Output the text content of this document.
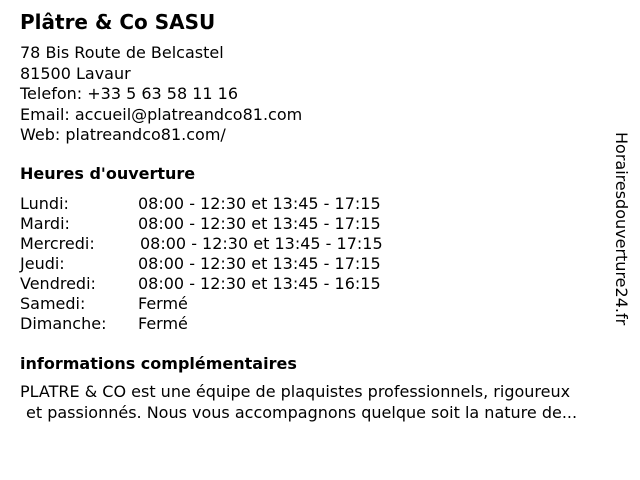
Plâtre & Co SASU
78 Bis Route de Belcastel
81500 Lavaur
Telefon: +33 5 63 58 11 16
Email: accueil@platreandco81.com
Web: platreandco81.com/
Heures d'ouverture
Lundi:	08:00 - 12:30 et 13:45 - 17:15
Mardi:	08:00 - 12:30 et 13:45 - 17:15
Mercredi:	08:00 - 12:30 et 13:45 - 17:15
Jeudi:	08:00 - 12:30 et 13:45 - 17:15
Vendredi:	08:00 - 12:30 et 13:45 - 16:15
Samedi:	Fermé
Dimanche: Fermé
informations complémentaires
PLATRE & CO est une équipe de plaquistes professionnels, rigoureux
et passionnés. Nous vous accompagnons quelque soit la nature de...
Horairesdouverture24.fr
